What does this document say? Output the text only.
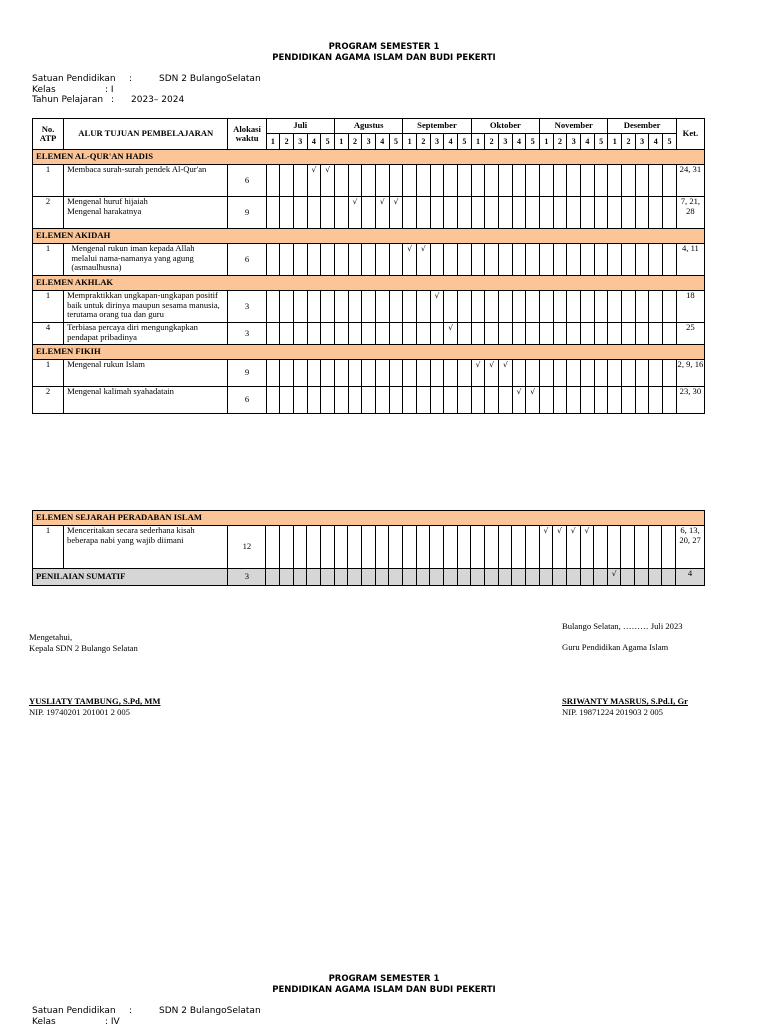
PROGRAM SEMESTER 1
PENDIDIKAN AGAMA ISLAM DAN BUDI PEKERTI
Satuan Pendidikan :	SDN 2 BulangoSelatan
Kelas	: I
Tahun Pelajaran : 2023– 2024
No. ATP	ALUR TUJUAN PEMBELAJARAN	Alokasi waktu	Juli					Agustus					September					Oktober					November					Desember					Ket.
			1	2	3	4	5	1	2	3	4	5	1	2	3	4	5	1	2	3	4	5	1	2	3	4	5	1	2	3	4	5	
ELEMEN AL-QUR'AN HADIS																																	
1	Membaca surah-surah pendek Al-Qur'an	6				√	√																										24, 31
2	Mengenal huruf hijaiah
Mengenal harakatnya	9							√		√	√																					7, 21, 28
ELEMEN AKIDAH																																	
1	Mengenal rukun iman kepada Allah
melalui nama-namanya yang agung
(asmaulhusna)	6											√	√																			4, 11
ELEMEN AKHLAK																																	
1	Mempraktikkan ungkapan-ungkapan positif baik untuk dirinya maupun sesama manusia, terutama orang tua dan guru	3													√																		18
4	Terbiasa percaya diri mengungkapkan pendapat pribadinya	3														√																	25
ELEMEN FIKIH																																	
1	Mengenal rukun Islam	9																√	√	√													2, 9, 16
2	Mengenal kalimah syahadatain	6																			√	√											23, 30
ELEMEN SEJARAH PERADABAN ISLAM																																	
1	Menceritakan secara sederhana kisah beberapa nabi yang wajib diimani	12																					√	√	√	√							6, 13, 20, 27
PENILAIAN SUMATIF		3																										√					4
Bulango Selatan, ……… Juli 2023
Mengetahui,
Kepala SDN 2 Bulango Selatan	Guru Pendidikan Agama Islam
YUSLIATY TAMBUNG, S.Pd, MM
NIP. 19740201 201001 2 005
SRIWANTY MASRUS, S.Pd.I, Gr
NIP. 19871224 201903 2 005
PROGRAM SEMESTER 1
PENDIDIKAN AGAMA ISLAM DAN BUDI PEKERTI
Satuan Pendidikan :	SDN 2 BulangoSelatan
Kelas	: IV
